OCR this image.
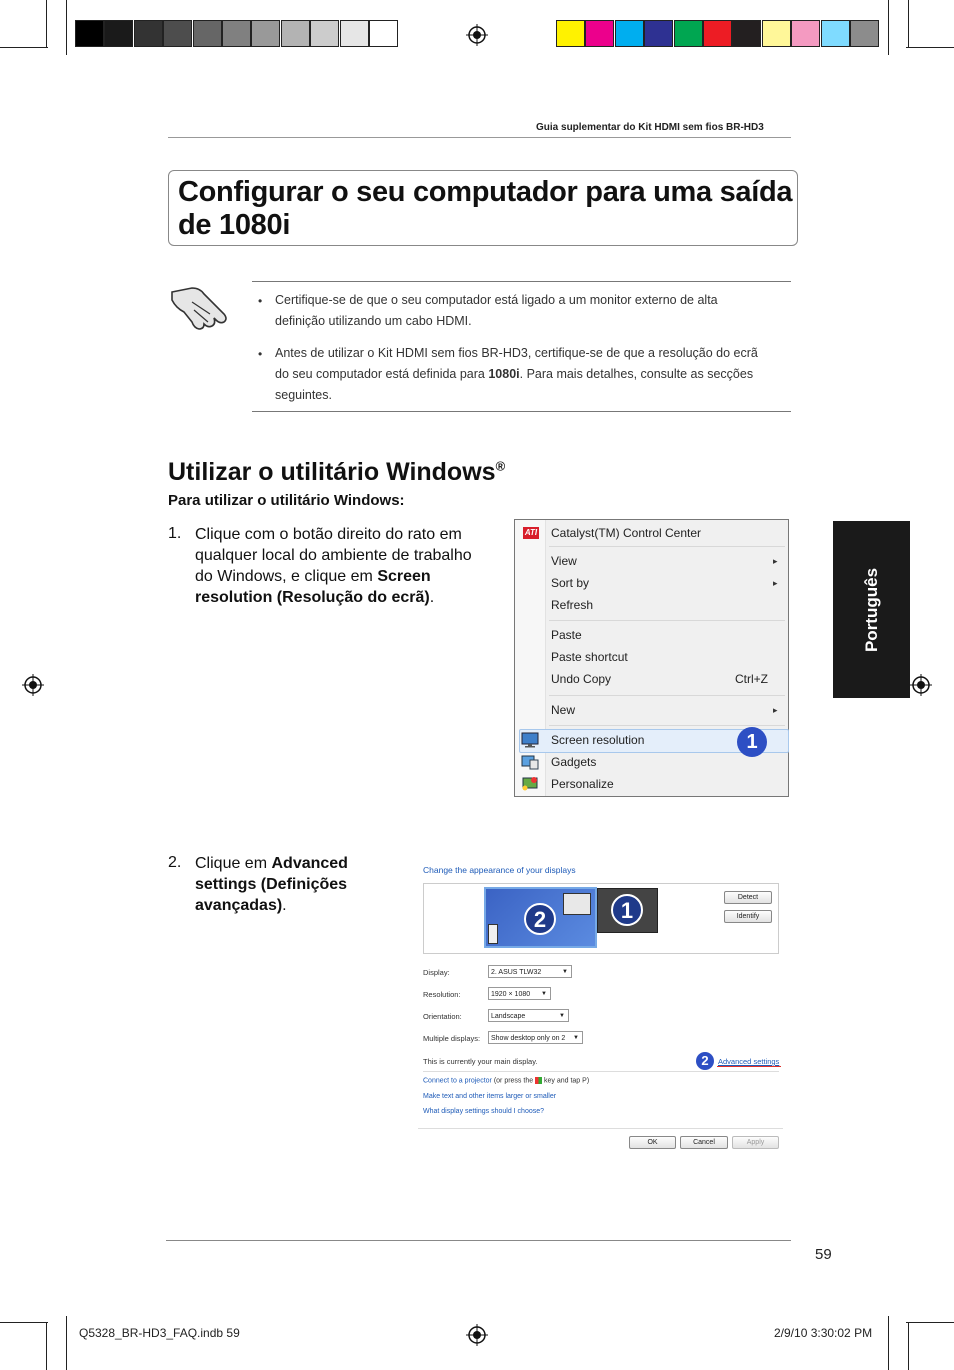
Guia suplementar do Kit HDMI sem fios BR-HD3
Configurar o seu computador para uma saída
de 1080i
• Certifique-se de que o seu computador está ligado a um monitor externo de alta
definição utilizando um cabo HDMI.
• Antes de utilizar o Kit HDMI sem fios BR-HD3, certifique-se de que a resolução do ecrã
do seu computador está definida para 1080i. Para mais detalhes, consulte as secções
seguintes.
Utilizar o utilitário Windows®
Para utilizar o utilitário Windows:
1. Clique com o botão direito do rato em
qualquer local do ambiente de trabalho
do Windows, e clique em Screen
resolution (Resolução do ecrã).
2. Clique em Advanced
settings (Definições
avançadas).
Português
ATI Catalyst(TM) Control Center
View	▸
Sort by	▸
Refresh
Paste
Paste shortcut
Undo Copy	Ctrl+Z
New	▸
Screen resolution	1
Gadgets
Personalize
Change the appearance of your displays
2	1
Detect
Identify
Display:	2. ASUS TLW32	▼
Resolution:	1920 × 1080 ▼
Orientation:	Landscape	▼
Multiple displays:	Show desktop only on 2 ▼
This is currently your main display.	2	Advanced settings
Connect to a projector (or press the  key and tap P)
Make text and other items larger or smaller
What display settings should I choose?
OK	Cancel	Apply
59
Q5328_BR-HD3_FAQ.indb 59	2/9/10 3:30:02 PM
